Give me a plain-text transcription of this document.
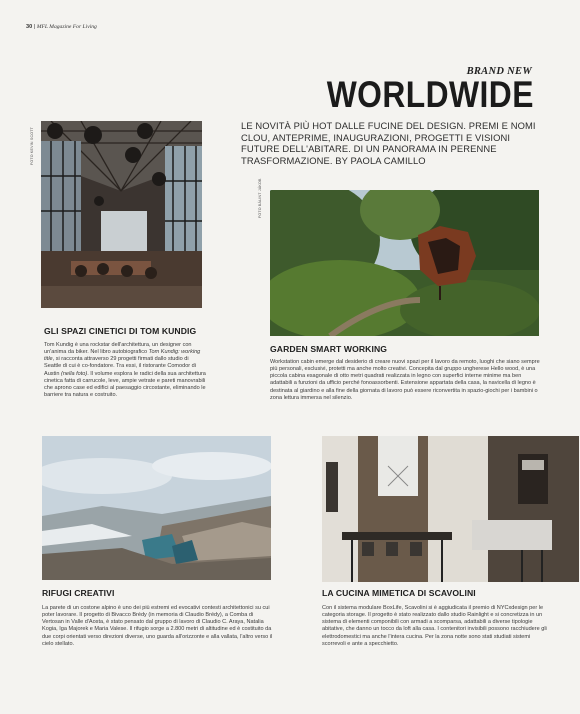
30 | MFL Magazine For Living
BRAND NEW
WORLDWIDE
LE NOVITÀ PIÙ HOT DALLE FUCINE DEL DESIGN. PREMI E NOMI CLOU, ANTEPRIME, INAUGURAZIONI, PROGETTI E VISIONI FUTURE DELL'ABITARE. DI UN PANORAMA IN PERENNE TRASFORMAZIONE. BY PAOLA CAMILLO
FOTO KEVIN SCOTT
GLI SPAZI CINETICI DI TOM KUNDIG
Tom Kundig è una rockstar dell'architettura, un designer con un'anima da biker. Nel libro autobiografico Tom Kundig: working title, si racconta attraverso 29 progetti firmati dallo studio di Seattle di cui è co-fondatore. Tra essi, il ristorante Comodor di Austin (nella foto). Il volume esplora le radici della sua architettura cinetica fatta di carrucole, leve, ampie vetrate e pareti manovrabili che aprono case ed edifici al paesaggio circostante, eliminando le barriere tra natura e costruito.
FOTO BÁLINT JÁKOB
GARDEN SMART WORKING
Workstation cabin emerge dal desiderio di creare nuovi spazi per il lavoro da remoto, luoghi che siano sempre più personali, esclusivi, protetti ma anche molto creativi. Concepita dal gruppo ungherese Hello wood, è una piccola cabina esagonale di otto metri quadrati realizzata in legno con superfici interne minime ma ben adattabili a funzioni da ufficio perché fonoassorbenti. Estensione appartata della casa, la navicella di legno è destinata al giardino e alla fine della giornata di lavoro può essere riconvertita in spazio-giochi per i bambini o zona lettura immersa nel silenzio.
RIFUGI CREATIVI
La parete di un costone alpino è uno dei più estremi ed evocativi contesti architettonici su cui poter lavorare. Il progetto di Bivacco Brédy (in memoria di Claudio Brédy), a Comba di Vertosan in Valle d'Aosta, è stato pensato dal gruppo di lavoro di Claudio C. Araya, Natalia Kogia, Iga Majorek e Maria Valese. Il rifugio sorge a 2.800 metri di altitudine ed è costituito da due corpi orientati verso direzioni diverse, uno guarda all'orizzonte e alla vallata, l'altro verso il cielo stellato.
LA CUCINA MIMETICA DI SCAVOLINI
Con il sistema modulare BoxLife, Scavolini si è aggiudicata il premio di NYCxdesign per le categoria storage. Il progetto è stato realizzato dallo studio Rainlight e si concretizza in un sistema di elementi componibili con armadi a scomparsa, adattabili a diverse tipologie abitative, che danno un tocco da loft alla casa. I contenitori invisibili possono racchiudere gli elettrodomestici ma anche l'intera cucina. Per la zona notte sono stati studiati sistemi scorrevoli e ante a specchietto.
